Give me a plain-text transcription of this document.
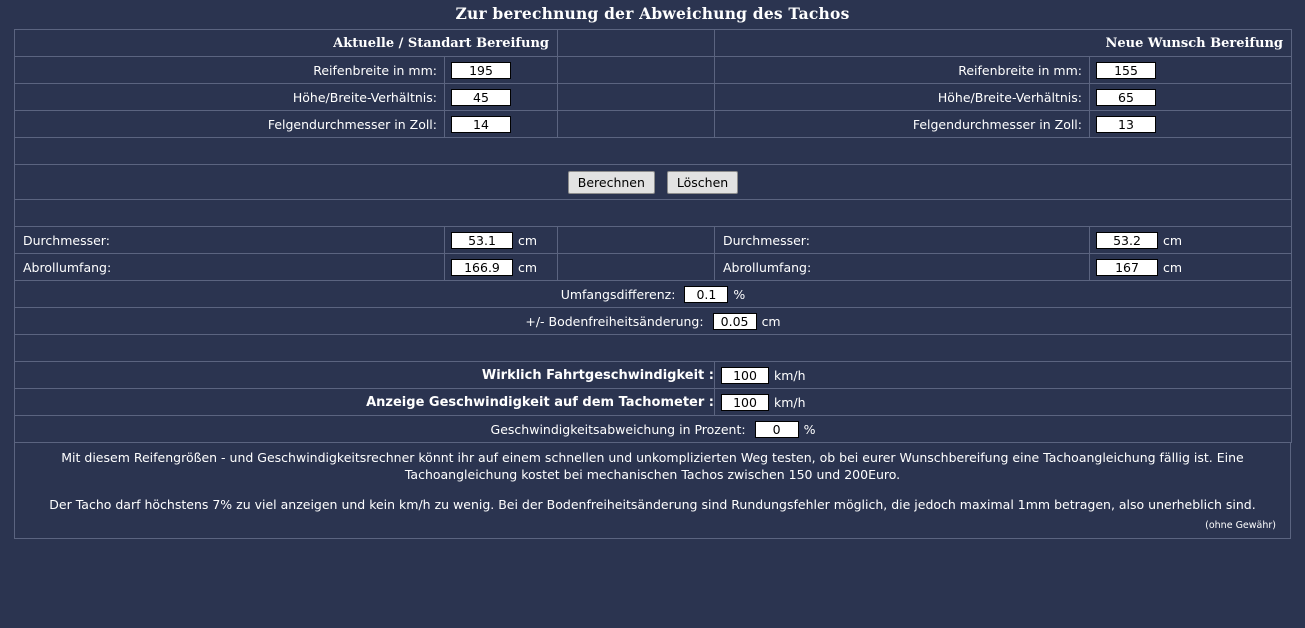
Zur berechnung der Abweichung des Tachos
Aktuelle / Standart Bereifung			Neue Wunsch Bereifung	
Reifenbreite in mm:	195		Reifenbreite in mm:	155
Höhe/Breite-Verhältnis:	45		Höhe/Breite-Verhältnis:	65
Felgendurchmesser in Zoll:	14		Felgendurchmesser in Zoll:	13

Berechnen Löschen				

Durchmesser:	53.1cm		Durchmesser:	53.2cm
Abrollumfang:	166.9cm		Abrollumfang:	167cm
Umfangsdifferenz: 0.1 %
+/- Bodenfreiheitsänderung: 0.05 cm

Wirklich Fahrtgeschwindigkeit :	100km/h
Anzeige Geschwindigkeit auf dem Tachometer :	100km/h
Geschwindigkeitsabweichung in Prozent: 0 %

Mit diesem Reifengrößen - und Geschwindigkeitsrechner könnt ihr auf einem schnellen und unkomplizierten Weg testen, ob bei eurer Wunschbereifung eine Tachoangleichung fällig ist. Eine Tachoangleichung kostet bei mechanischen Tachos zwischen 150 und 200Euro.

Der Tacho darf höchstens 7% zu viel anzeigen und kein km/h zu wenig. Bei der Bodenfreiheitsänderung sind Rundungsfehler möglich, die jedoch maximal 1mm betragen, also unerheblich sind.

(ohne Gewähr)
